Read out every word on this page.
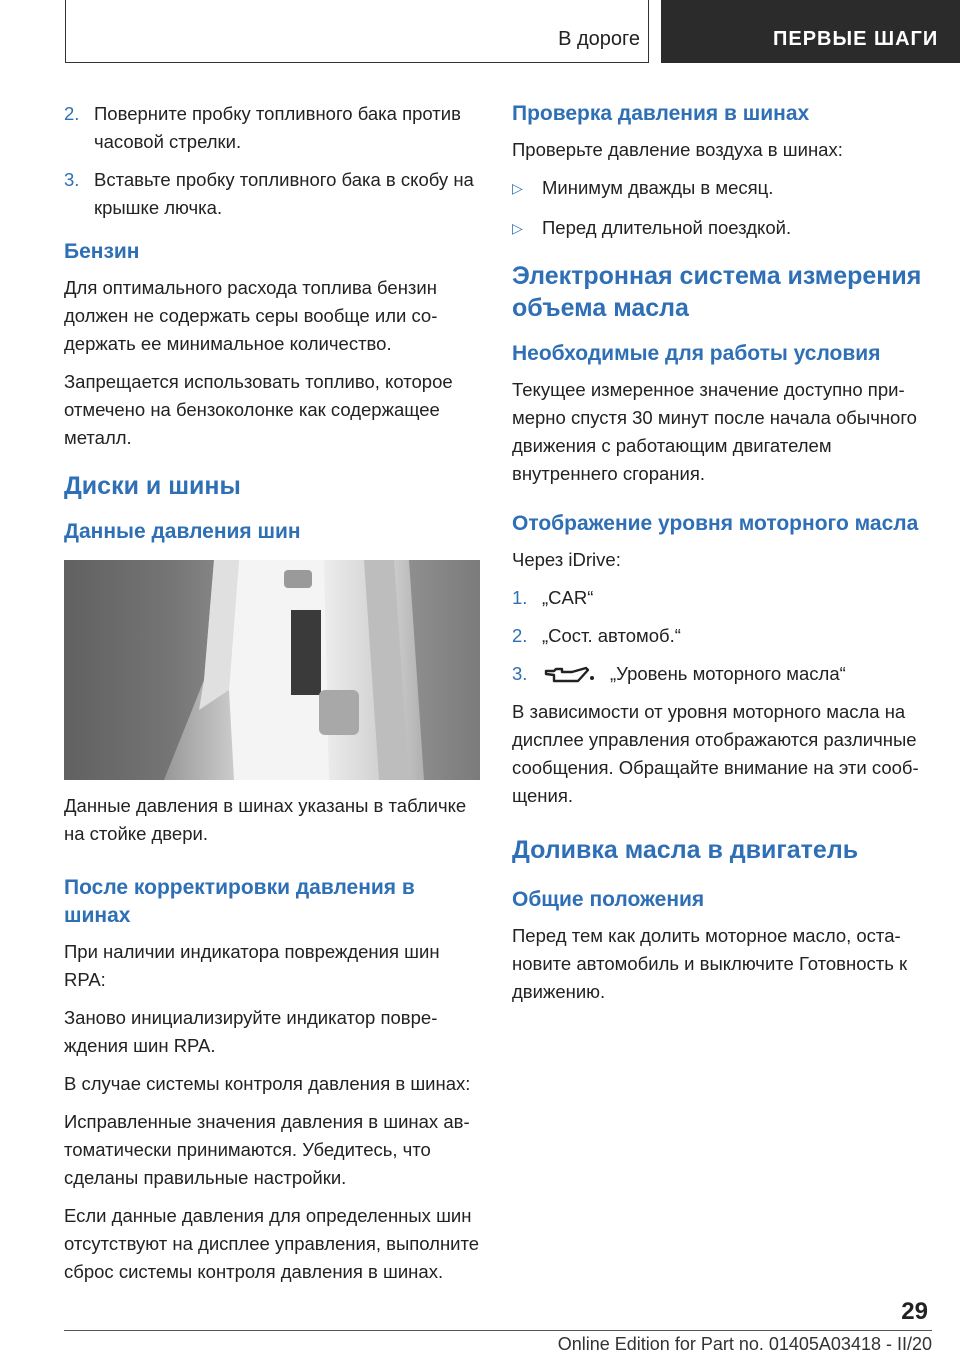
В дороге	ПЕРВЫЕ ШАГИ
2. Поверните пробку топливного бака против часовой стрелки.
3. Вставьте пробку топливного бака в скобу на крышке лючка.
Бензин

Для оптимального расхода топлива бензин должен не содержать серы вообще или содержать ее минимальное количество.

Запрещается использовать топливо, которое отмечено на бензоколонке как содержащее металл.

Диски и шины
Данные давления шин

Данные давления в шинах указаны в табличке на стойке двери.

После корректировки давления в шинах

При наличии индикатора повреждения шин RPA:

Заново инициализируйте индикатор повреждения шин RPA.

В случае системы контроля давления в шинах:

Исправленные значения давления в шинах автоматически принимаются. Убедитесь, что сделаны правильные настройки.

Если данные давления для определенных шин отсутствуют на дисплее управления, выполните сброс системы контроля давления в шинах.

Проверка давления в шинах

Проверьте давление воздуха в шинах:

▷	Минимум дважды в месяц.
▷	Перед длительной поездкой.
Электронная система измерения объема масла
Необходимые для работы условия

Текущее измеренное значение доступно примерно спустя 30 минут после начала обычного движения с работающим двигателем внутреннего сгорания.

Отображение уровня моторного масла

Через iDrive:

1. „CAR“
2. „Сост. автомоб.“
3.	„Уровень моторного масла“

В зависимости от уровня моторного масла на дисплее управления отображаются различные сообщения. Обращайте внимание на эти сообщения.

Доливка масла в двигатель
Общие положения

Перед тем как долить моторное масло, остановите автомобиль и выключите Готовность к движению.

29
Online Edition for Part no. 01405A03418 - II/20
